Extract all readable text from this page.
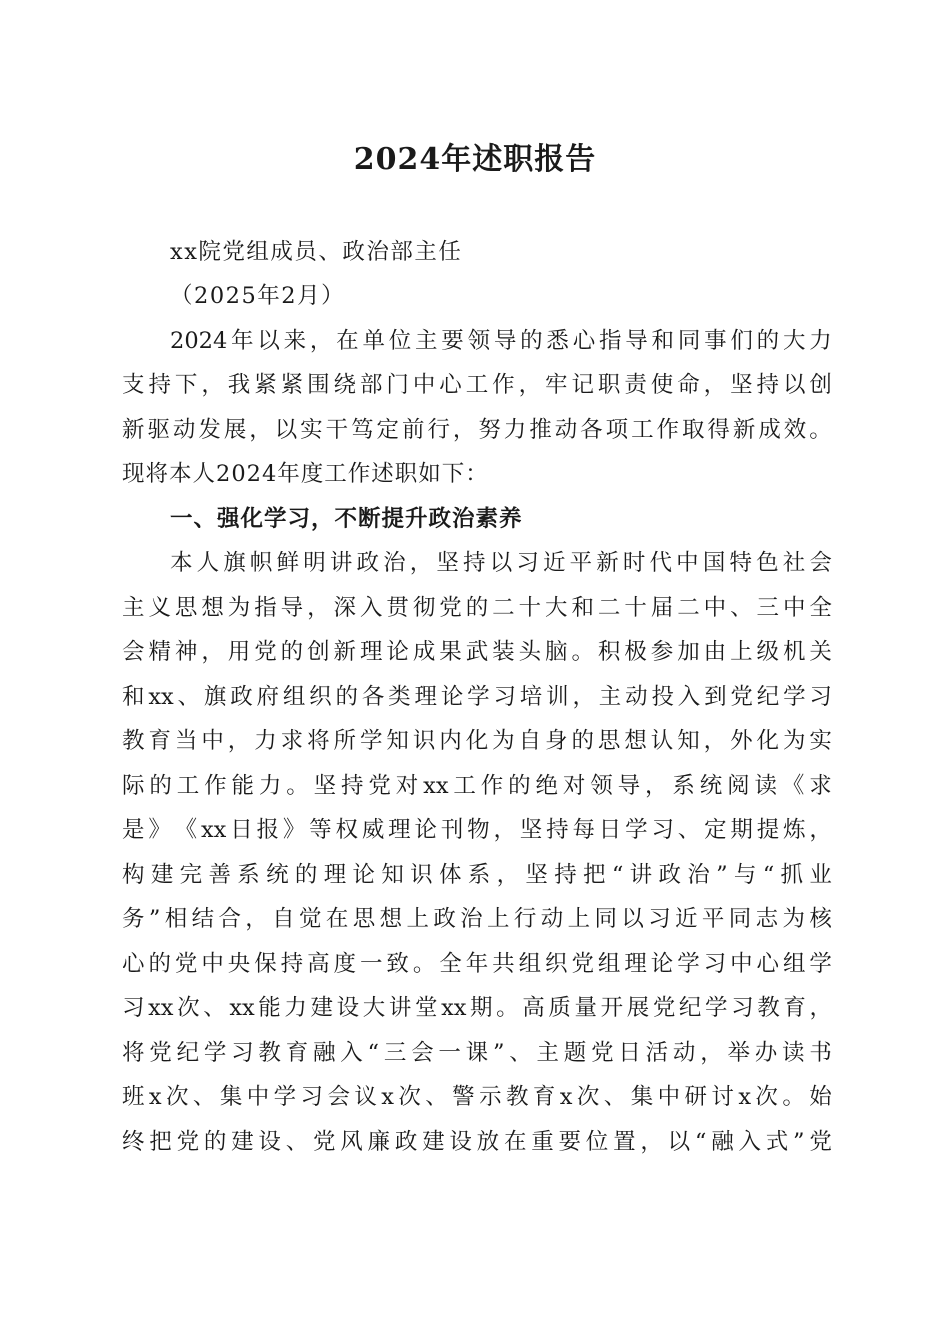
2024年述职报告
xx院党组成员、政治部主任
（2025年2月）
2024 年 以 来 ， 在 单 位 主 要 领 导 的 悉 心 指 导 和 同 事 们 的 大 力
支 持 下 ， 我 紧 紧 围 绕 部 门 中 心 工 作 ， 牢 记 职 责 使 命 ， 坚 持 以 创
新 驱 动 发 展 ， 以 实 干 笃 定 前 行 ， 努 力 推 动 各 项 工 作 取 得 新 成 效 。
现将本人2024年度工作述职如下：
一、强化学习，不断提升政治素养
本 人 旗 帜 鲜 明 讲 政 治 ， 坚 持 以 习 近 平 新 时 代 中 国 特 色 社 会
主 义 思 想 为 指 导 ， 深 入 贯 彻 党 的 二 十 大 和 二 十 届 二 中 、 三 中 全
会 精 神 ， 用 党 的 创 新 理 论 成 果 武 装 头 脑 。 积 极 参 加 由 上 级 机 关
和 xx 、 旗 政 府 组 织 的 各 类 理 论 学 习 培 训 ， 主 动 投 入 到 党 纪 学 习
教 育 当 中 ， 力 求 将 所 学 知 识 内 化 为 自 身 的 思 想 认 知 ， 外 化 为 实
际 的 工 作 能 力 。 坚 持 党 对 xx 工 作 的 绝 对 领 导 ， 系 统 阅 读 《 求
是 》 《 xx 日 报 》 等 权 威 理 论 刊 物 ， 坚 持 每 日 学 习 、 定 期 提 炼 ，
构 建 完 善 系 统 的 理 论 知 识 体 系 ， 坚 持 把 “ 讲 政 治 ” 与 “ 抓 业
务 ” 相 结 合 ， 自 觉 在 思 想 上 政 治 上 行 动 上 同 以 习 近 平 同 志 为 核
心 的 党 中 央 保 持 高 度 一 致 。 全 年 共 组 织 党 组 理 论 学 习 中 心 组 学
习 xx 次 、 xx 能 力 建 设 大 讲 堂 xx 期 。 高 质 量 开 展 党 纪 学 习 教 育 ，
将 党 纪 学 习 教 育 融 入 “ 三 会 一 课 ” 、 主 题 党 日 活 动 ， 举 办 读 书
班 x 次 、 集 中 学 习 会 议 x 次 、 警 示 教 育 x 次 、 集 中 研 讨 x 次 。 始
终 把 党 的 建 设 、 党 风 廉 政 建 设 放 在 重 要 位 置 ， 以 “ 融 入 式 ” 党
